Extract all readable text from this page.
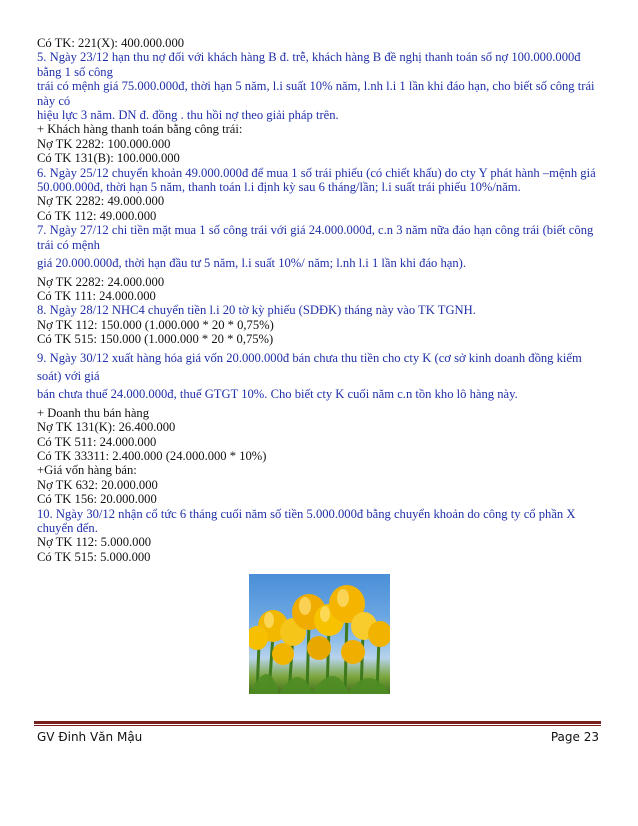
Có TK: 221(X): 400.000.000
5. Ngày 23/12 hạn thu nợ đối với khách hàng B đ. trễ, khách hàng B đề nghị thanh toán số nợ 100.000.000đ
bằng 1 số công
trái có mệnh giá 75.000.000đ, thời hạn 5 năm, l.i suất 10% năm, l.nh l.i 1 lần khi đáo hạn, cho biết số công trái
này có
hiệu lực 3 năm. DN đ. đồng . thu hồi nợ theo giải pháp trên.
+ Khách hàng thanh toán bằng công trái:
Nợ TK 2282: 100.000.000
Có TK 131(B): 100.000.000
6. Ngày 25/12 chuyển khoản 49.000.000đ để mua 1 số trái phiếu (có chiết khấu) do cty Y phát hành –mệnh giá
50.000.000đ, thời hạn 5 năm, thanh toán l.i định kỳ sau 6 tháng/lần; l.i suất trái phiếu 10%/năm.
Nợ TK 2282: 49.000.000
Có TK 112: 49.000.000
7. Ngày 27/12 chi tiền mặt mua 1 số công trái với giá 24.000.000đ, c.n 3 năm nữa đáo hạn công trái (biết công
trái có mệnh
giá 20.000.000đ, thời hạn đầu tư 5 năm, l.i suất 10%/ năm; l.nh l.i 1 lần khi đáo hạn).
Nợ TK 2282: 24.000.000
Có TK 111: 24.000.000
8. Ngày 28/12 NHC4 chuyển tiền l.i 20 tờ kỳ phiếu (SDĐK) tháng này vào TK TGNH.
Nợ TK 112: 150.000 (1.000.000 * 20 * 0,75%)
Có TK 515: 150.000 (1.000.000 * 20 * 0,75%)
9. Ngày 30/12 xuất hàng hóa giá vốn 20.000.000đ bán chưa thu tiền cho cty K (cơ sở kinh doanh đồng kiểm
soát) với giá
bán chưa thuế 24.000.000đ, thuế GTGT 10%. Cho biết cty K cuối năm c.n tồn kho lô hàng này.
+ Doanh thu bán hàng
Nợ TK 131(K): 26.400.000
Có TK 511: 24.000.000
Có TK 33311: 2.400.000 (24.000.000 * 10%)
+Giá vốn hàng bán:
Nợ TK 632: 20.000.000
Có TK 156: 20.000.000
10. Ngày 30/12 nhận cổ tức 6 tháng cuối năm số tiền 5.000.000đ bằng chuyển khoản do công ty cổ phần X
chuyển đến.
Nợ TK 112: 5.000.000
Có TK 515: 5.000.000
GV Đinh Văn Mậu	Page 23
